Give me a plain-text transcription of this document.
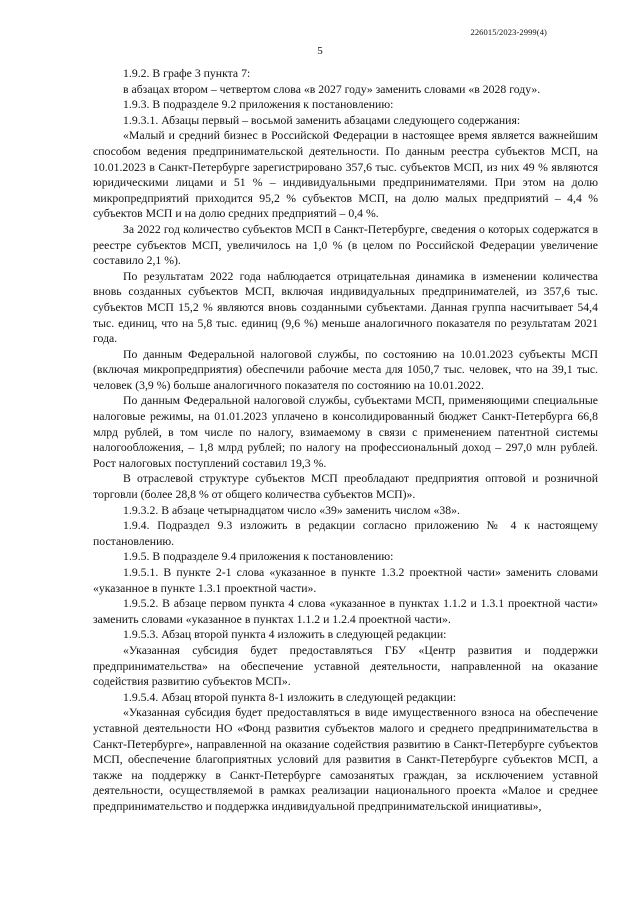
226015/2023-2999(4)
5

1.9.2. В графе 3 пункта 7:

в абзацах втором – четвертом слова «в 2027 году» заменить словами «в 2028 году».

1.9.3. В подразделе 9.2 приложения к постановлению:

1.9.3.1. Абзацы первый – восьмой заменить абзацами следующего содержания:

«Малый и средний бизнес в Российской Федерации в настоящее время является важнейшим способом ведения предпринимательской деятельности. По данным реестра субъектов МСП, на 10.01.2023 в Санкт-Петербурге зарегистрировано 357,6 тыс. субъектов МСП, из них 49 % являются юридическими лицами и 51 % – индивидуальными предпринимателями. При этом на долю микропредприятий приходится 95,2 % субъектов МСП, на долю малых предприятий – 4,4 % субъектов МСП и на долю средних предприятий – 0,4 %.

За 2022 год количество субъектов МСП в Санкт-Петербурге, сведения о которых содержатся в реестре субъектов МСП, увеличилось на 1,0 % (в целом по Российской Федерации увеличение составило 2,1 %).

По результатам 2022 года наблюдается отрицательная динамика в изменении количества вновь созданных субъектов МСП, включая индивидуальных предпринимателей, из 357,6 тыс. субъектов МСП 15,2 % являются вновь созданными субъектами. Данная группа насчитывает 54,4 тыс. единиц, что на 5,8 тыс. единиц (9,6 %) меньше аналогичного показателя по результатам 2021 года.

По данным Федеральной налоговой службы, по состоянию на 10.01.2023 субъекты МСП (включая микропредприятия) обеспечили рабочие места для 1050,7 тыс. человек, что на 39,1 тыс. человек (3,9 %) больше аналогичного показателя по состоянию на 10.01.2022.

По данным Федеральной налоговой службы, субъектами МСП, применяющими специальные налоговые режимы, на 01.01.2023 уплачено в консолидированный бюджет Санкт-Петербурга 66,8 млрд рублей, в том числе по налогу, взимаемому в связи с применением патентной системы налогообложения, – 1,8 млрд рублей; по налогу на профессиональный доход – 297,0 млн рублей. Рост налоговых поступлений составил 19,3 %.

В отраслевой структуре субъектов МСП преобладают предприятия оптовой и розничной торговли (более 28,8 % от общего количества субъектов МСП)».

1.9.3.2. В абзаце четырнадцатом число «39» заменить числом «38».

1.9.4. Подраздел 9.3 изложить в редакции согласно приложению № 4 к настоящему постановлению.

1.9.5. В подразделе 9.4 приложения к постановлению:

1.9.5.1. В пункте 2-1 слова «указанное в пункте 1.3.2 проектной части» заменить словами «указанное в пункте 1.3.1 проектной части».

1.9.5.2. В абзаце первом пункта 4 слова «указанное в пунктах 1.1.2 и 1.3.1 проектной части» заменить словами «указанное в пунктах 1.1.2 и 1.2.4 проектной части».

1.9.5.3. Абзац второй пункта 4 изложить в следующей редакции:

«Указанная субсидия будет предоставляться ГБУ «Центр развития и поддержки предпринимательства» на обеспечение уставной деятельности, направленной на оказание содействия развитию субъектов МСП».

1.9.5.4. Абзац второй пункта 8-1 изложить в следующей редакции:

«Указанная субсидия будет предоставляться в виде имущественного взноса на обеспечение уставной деятельности НО «Фонд развития субъектов малого и среднего предпринимательства в Санкт-Петербурге», направленной на оказание содействия развитию в Санкт-Петербурге субъектов МСП, обеспечение благоприятных условий для развития в Санкт-Петербурге субъектов МСП, а также на поддержку в Санкт-Петербурге самозанятых граждан, за исключением уставной деятельности, осуществляемой в рамках реализации национального проекта «Малое и среднее предпринимательство и поддержка индивидуальной предпринимательской инициативы»,
